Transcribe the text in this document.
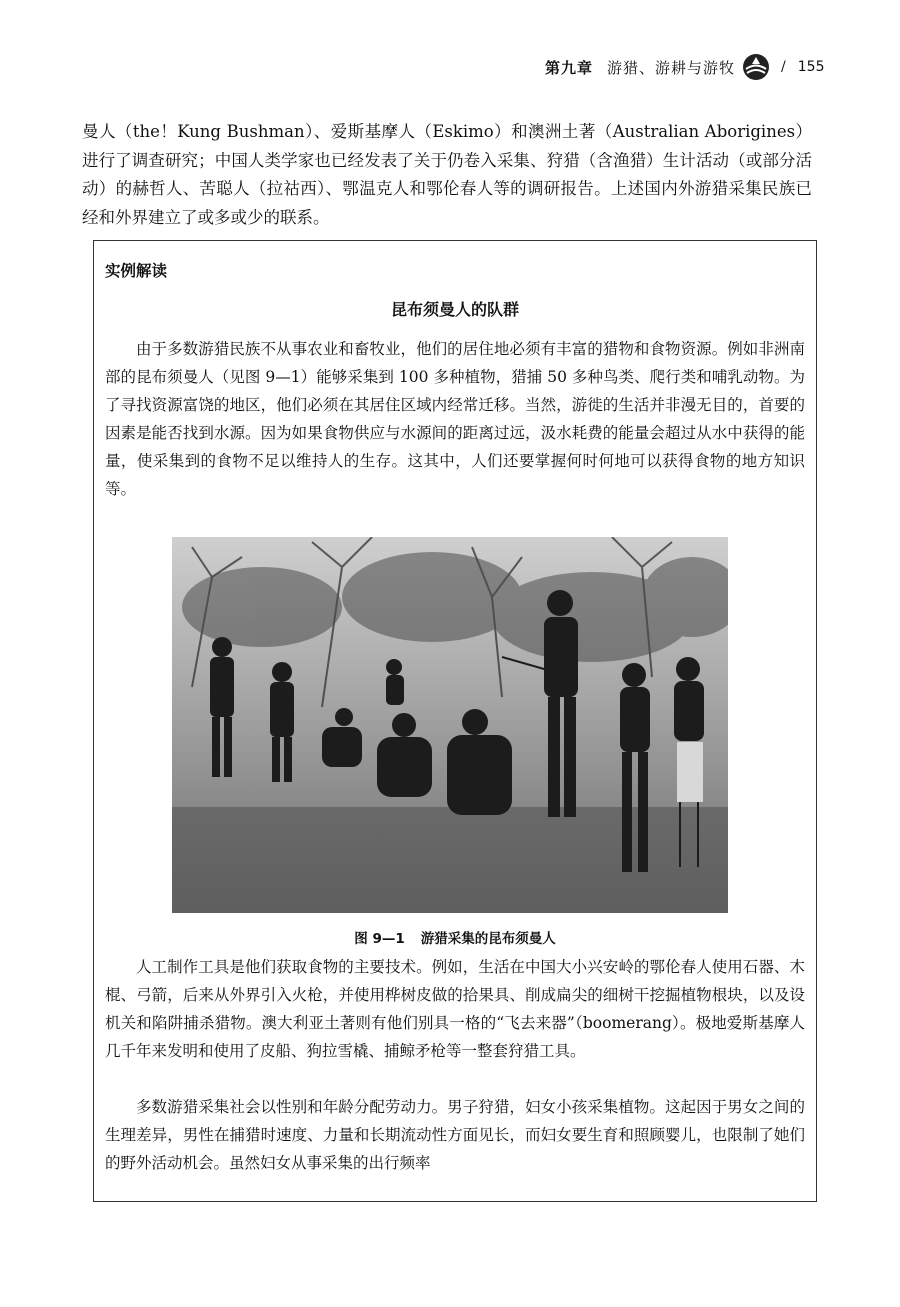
第九章 游猎、游耕与游牧	/ 155

曼人（the！Kung Bushman）、爱斯基摩人（Eskimo）和澳洲土著（Australian Aborigines）进行了调查研究；中国人类学家也已经发表了关于仍卷入采集、狩猎（含渔猎）生计活动（或部分活动）的赫哲人、苦聪人（拉祜西）、鄂温克人和鄂伦春人等的调研报告。上述国内外游猎采集民族已经和外界建立了或多或少的联系。

实例解读
昆布须曼人的队群
由于多数游猎民族不从事农业和畜牧业，他们的居住地必须有丰富的猎物和食物资源。例如非洲南部的昆布须曼人（见图 9—1）能够采集到 100 多种植物，猎捕 50 多种鸟类、爬行类和哺乳动物。为了寻找资源富饶的地区，他们必须在其居住区域内经常迁移。当然，游徙的生活并非漫无目的，首要的因素是能否找到水源。因为如果食物供应与水源间的距离过远，汲水耗费的能量会超过从水中获得的能量，使采集到的食物不足以维持人的生存。这其中，人们还要掌握何时何地可以获得食物的地方知识等。
图 9—1 游猎采集的昆布须曼人
人工制作工具是他们获取食物的主要技术。例如，生活在中国大小兴安岭的鄂伦春人使用石器、木棍、弓箭，后来从外界引入火枪，并使用桦树皮做的拾果具、削成扁尖的细树干挖掘植物根块，以及设机关和陷阱捕杀猎物。澳大利亚土著则有他们别具一格的“飞去来器”（boomerang）。极地爱斯基摩人几千年来发明和使用了皮船、狗拉雪橇、捕鲸矛枪等一整套狩猎工具。
多数游猎采集社会以性别和年龄分配劳动力。男子狩猎，妇女小孩采集植物。这起因于男女之间的生理差异，男性在捕猎时速度、力量和长期流动性方面见长，而妇女要生育和照顾婴儿，也限制了她们的野外活动机会。虽然妇女从事采集的出行频率
